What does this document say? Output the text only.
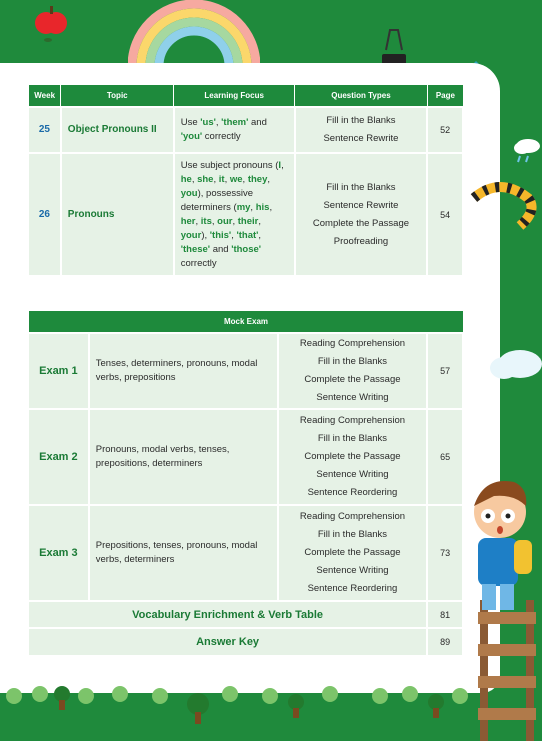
Week	Topic	Learning Focus	Question Types	Page
25	Object Pronouns II	Use 'us', 'them' and 'you' correctly	Fill in the Blanks
Sentence Rewrite	52
26	Pronouns	Use subject pronouns (I, he, she, it, we, they, you), possessive determiners (my, his, her, its, our, their, your), 'this', 'that', 'these' and 'those' correctly	Fill in the Blanks
Sentence Rewrite
Complete the Passage
Proofreading	54
Mock Exam			
Exam 1	Tenses, determiners, pronouns, modal verbs, prepositions	Reading Comprehension
Fill in the Blanks
Complete the Passage
Sentence Writing	57
Exam 2	Pronouns, modal verbs, tenses, prepositions, determiners	Reading Comprehension
Fill in the Blanks
Complete the Passage
Sentence Writing
Sentence Reordering	65
Exam 3	Prepositions, tenses, pronouns, modal verbs, determiners	Reading Comprehension
Fill in the Blanks
Complete the Passage
Sentence Writing
Sentence Reordering	73
Vocabulary Enrichment & Verb Table			81
Answer Key			89
